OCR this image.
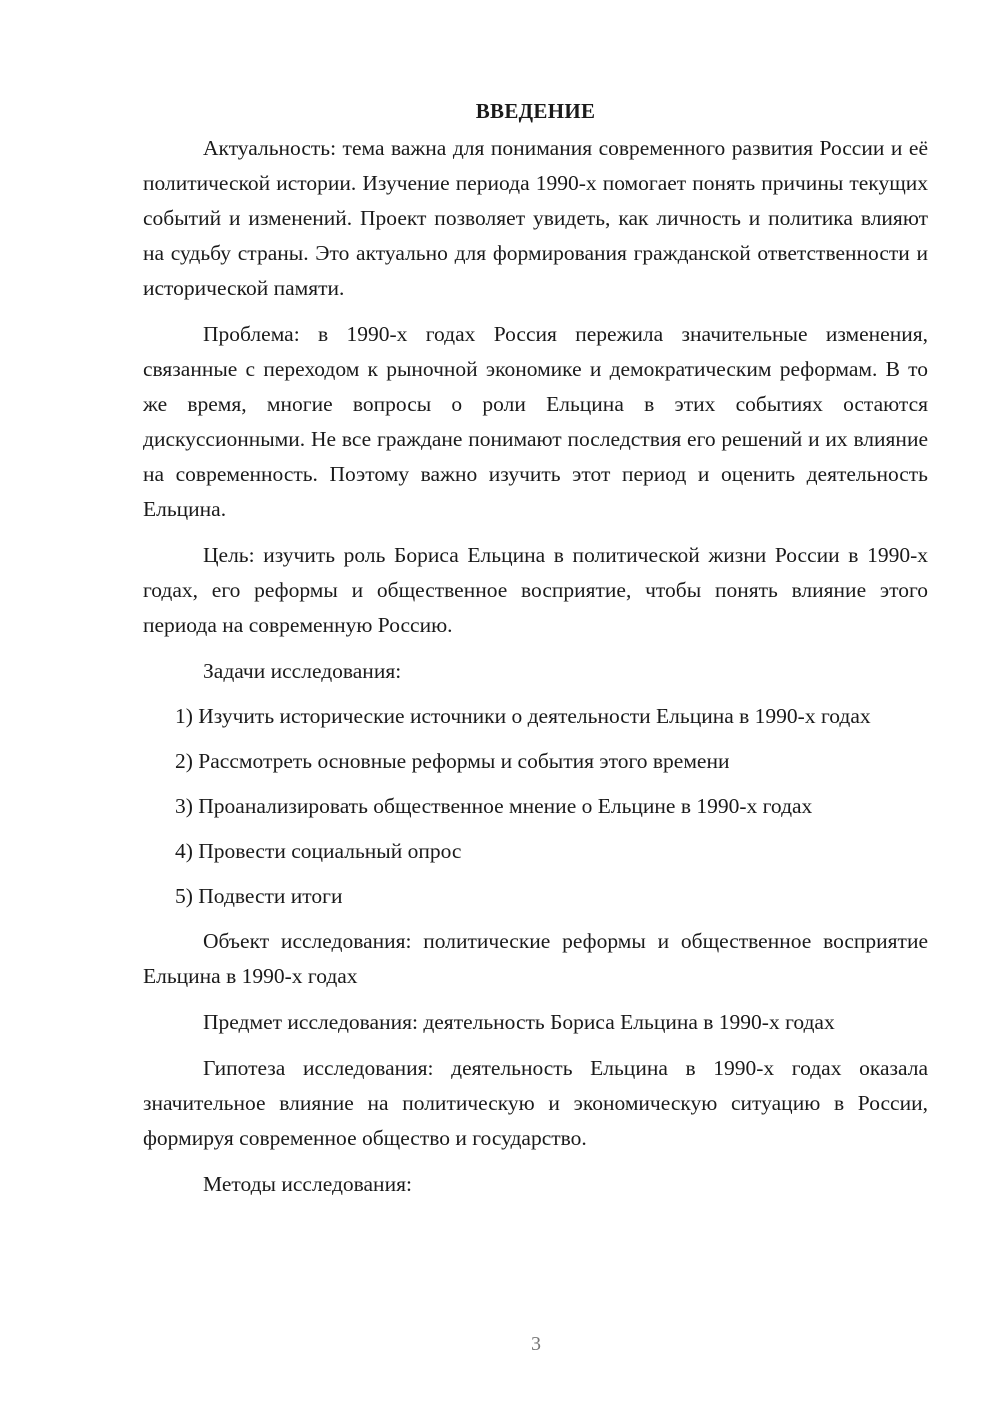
ВВЕДЕНИЕ

Актуальность: тема важна для понимания современного развития России и её политической истории. Изучение периода 1990-х помогает понять причины текущих событий и изменений. Проект позволяет увидеть, как личность и политика влияют на судьбу страны. Это актуально для формирования гражданской ответственности и исторической памяти.

Проблема: в 1990-х годах Россия пережила значительные изменения, связанные с переходом к рыночной экономике и демократическим реформам. В то же время, многие вопросы о роли Ельцина в этих событиях остаются дискуссионными. Не все граждане понимают последствия его решений и их влияние на современность. Поэтому важно изучить этот период и оценить деятельность Ельцина.

Цель: изучить роль Бориса Ельцина в политической жизни России в 1990-х годах, его реформы и общественное восприятие, чтобы понять влияние этого периода на современную Россию.

Задачи исследования:

1) Изучить исторические источники о деятельности Ельцина в 1990-х годах
2) Рассмотреть основные реформы и события этого времени
3) Проанализировать общественное мнение о Ельцине в 1990-х годах
4) Провести социальный опрос
5) Подвести итоги

Объект исследования: политические реформы и общественное восприятие Ельцина в 1990-х годах

Предмет исследования: деятельность Бориса Ельцина в 1990-х годах

Гипотеза исследования: деятельность Ельцина в 1990-х годах оказала значительное влияние на политическую и экономическую ситуацию в России, формируя современное общество и государство.

Методы исследования:

3
